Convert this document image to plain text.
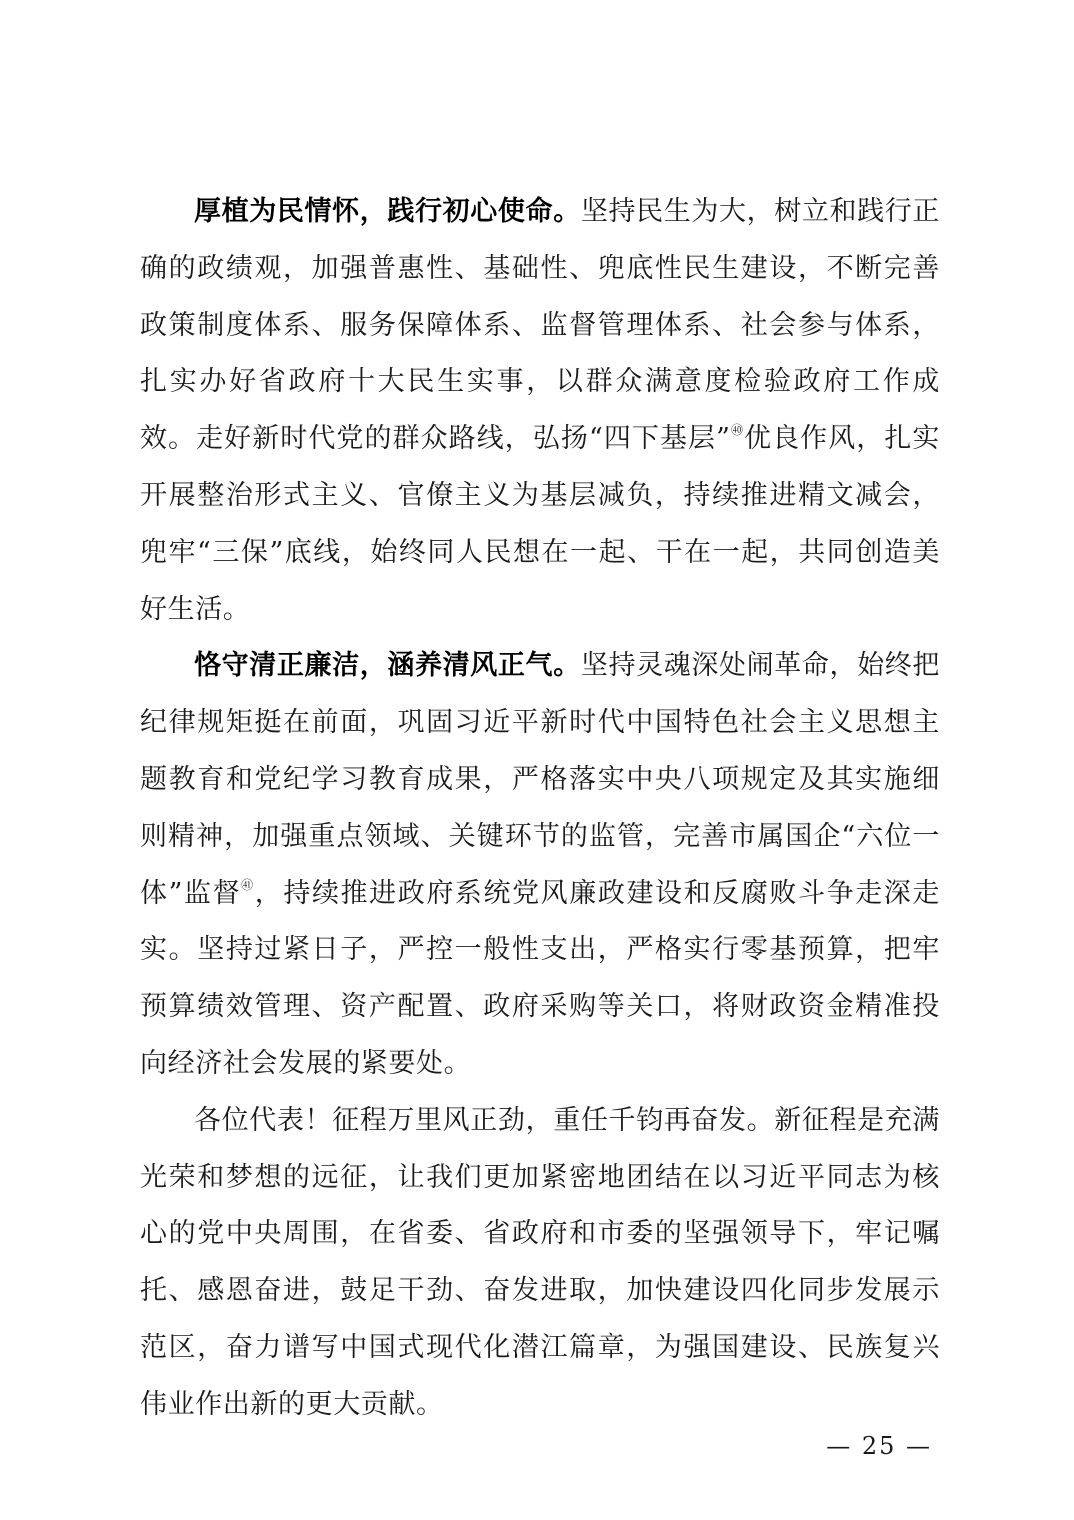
厚植为民情怀，践行初心使命。坚持民生为大，树立和践行正确的政绩观，加强普惠性、基础性、兜底性民生建设，不断完善政策制度体系、服务保障体系、监督管理体系、社会参与体系，扎实办好省政府十大民生实事，以群众满意度检验政府工作成效。走好新时代党的群众路线，弘扬“四下基层”$^㊵$优良作风，扎实开展整治形式主义、官僚主义为基层减负，持续推进精文减会，兜牢“三保”底线，始终同人民想在一起、干在一起，共同创造美好生活。

恪守清正廉洁，涵养清风正气。坚持灵魂深处闹革命，始终把纪律规矩挺在前面，巩固习近平新时代中国特色社会主义思想主题教育和党纪学习教育成果，严格落实中央八项规定及其实施细则精神，加强重点领域、关键环节的监管，完善市属国企“六位一体”监督$^㊶$，持续推进政府系统党风廉政建设和反腐败斗争走深走实。坚持过紧日子，严控一般性支出，严格实行零基预算，把牢预算绩效管理、资产配置、政府采购等关口，将财政资金精准投向经济社会发展的紧要处。

各位代表！征程万里风正劲，重任千钧再奋发。新征程是充满光荣和梦想的远征，让我们更加紧密地团结在以习近平同志为核心的党中央周围，在省委、省政府和市委的坚强领导下，牢记嘱托、感恩奋进，鼓足干劲、奋发进取，加快建设四化同步发展示范区，奋力谱写中国式现代化潜江篇章，为强国建设、民族复兴伟业作出新的更大贡献。

— 25 —
